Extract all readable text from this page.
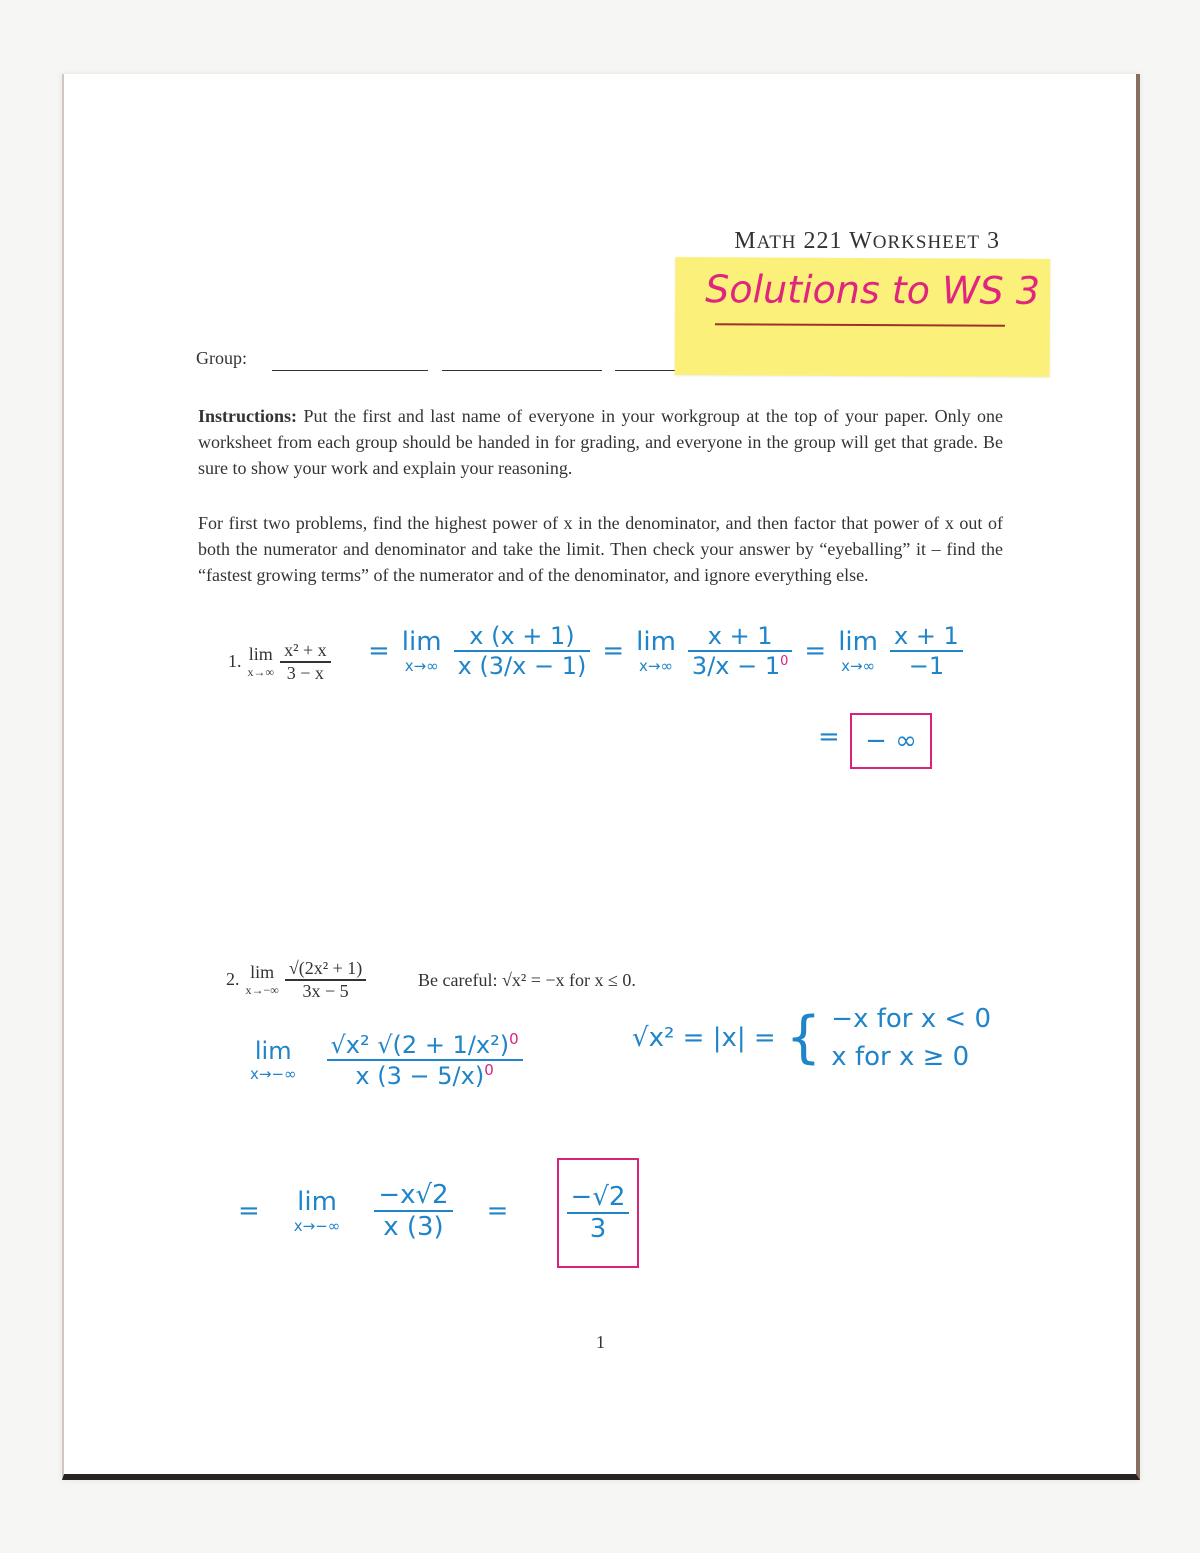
MATH 221 WORKSHEET 3
Group:
Solutions to WS 3
Instructions: Put the first and last name of everyone in your workgroup at the top of your paper. Only one worksheet from each group should be handed in for grading, and everyone in the group will get that grade. Be sure to show your work and explain your reasoning.
For first two problems, find the highest power of x in the denominator, and then factor that power of x out of both the numerator and denominator and take the limit. Then check your answer by “eyeballing” it – find the “fastest growing terms” of the numerator and of the denominator, and ignore everything else.
1. lim
$x\to\infty \frac{\text{x² + x}}{3 - x} = \lim$
$x\to\infty \frac{x (x + 1)}{x (3/x - 1)} = \lim$
$x\to\infty \frac{x + 1}{3/x - 1^0} = \lim$
$x\to\infty \frac{x + 1}{-1}$
= − ∞
2. lim
$x\to-\infty \frac{\text{√(2x² + 1)}}{3x - 5}$	Be careful: √x² = −x for x ≤ 0.
lim
$x\to-\infty \frac{√x^2 √(2 + 1/x^2)^0}{x (3 - 5/x)^0}$	√x² = |x| = { −x for x < 0
x for x ≥ 0
= lim
$x\to-\infty \frac{-x√2}{x (3)} = \frac{-√2}{3}$
1
